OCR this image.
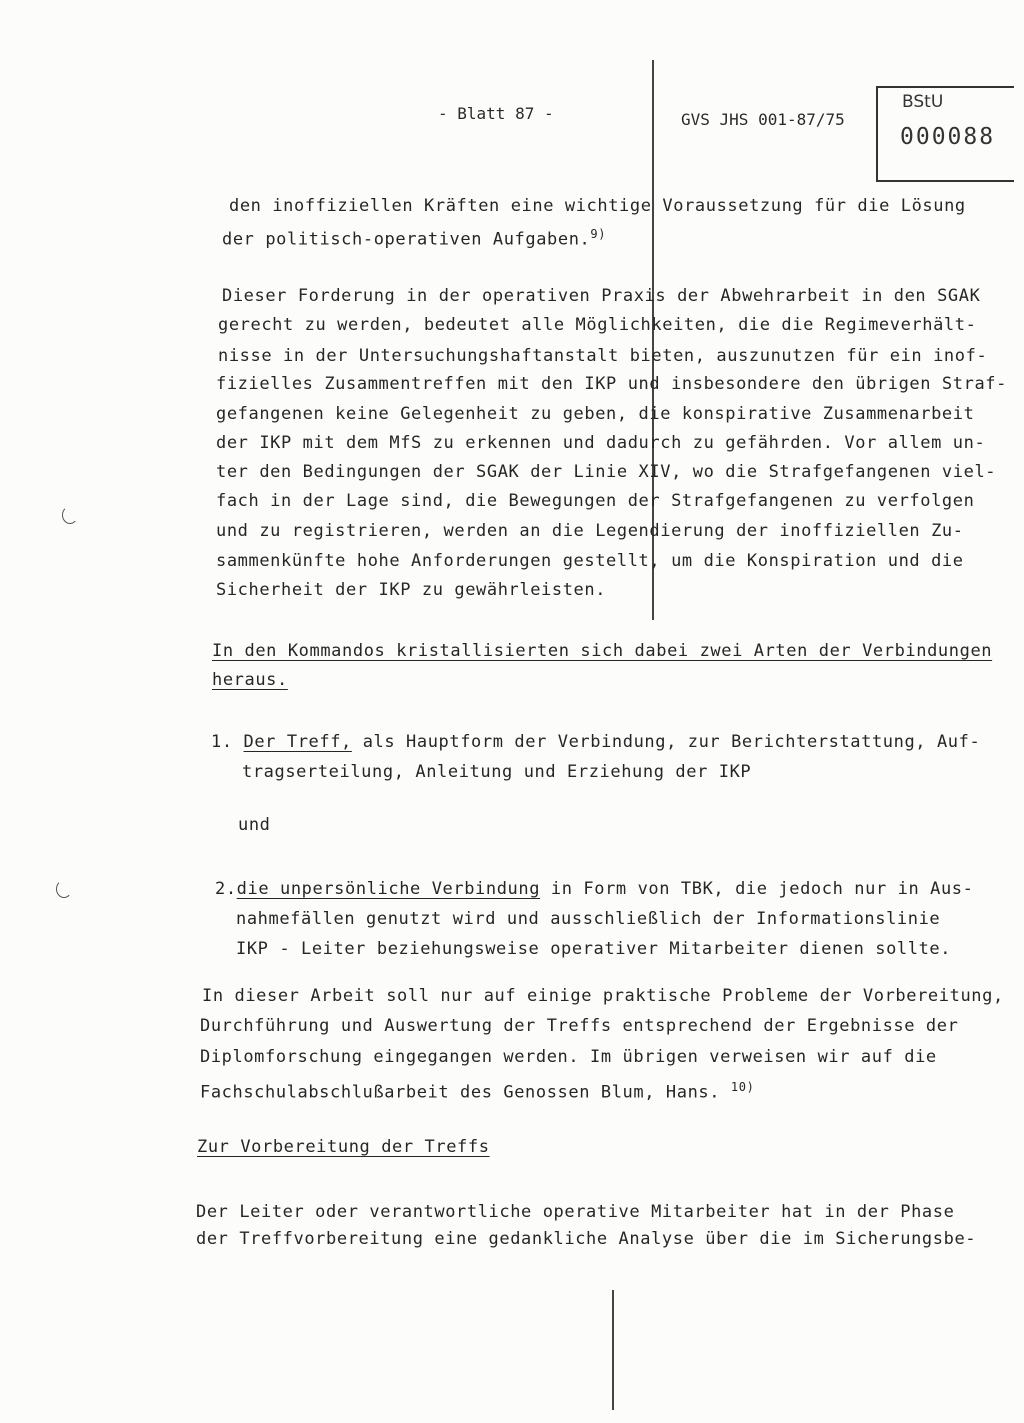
- Blatt 87 -	GVS JHS 001-87/75
BStU
000088
den inoffiziellen Kräften eine wichtige Voraussetzung für die Lösung
der politisch-operativen Aufgaben.$^{9)}$
Dieser Forderung in der operativen Praxis der Abwehrarbeit in den SGAK
gerecht zu werden, bedeutet alle Möglichkeiten, die die Regimeverhält-
nisse in der Untersuchungshaftanstalt bieten, auszunutzen für ein inof-
fizielles Zusammentreffen mit den IKP und insbesondere den übrigen Straf-
gefangenen keine Gelegenheit zu geben, die konspirative Zusammenarbeit
der IKP mit dem MfS zu erkennen und dadurch zu gefährden. Vor allem un-
ter den Bedingungen der SGAK der Linie XIV, wo die Strafgefangenen viel-
fach in der Lage sind, die Bewegungen der Strafgefangenen zu verfolgen
und zu registrieren, werden an die Legendierung der inoffiziellen Zu-
sammenkünfte hohe Anforderungen gestellt, um die Konspiration und die
Sicherheit der IKP zu gewährleisten.
In den Kommandos kristallisierten sich dabei zwei Arten der Verbindungen
heraus.
1. Der Treff, als Hauptform der Verbindung, zur Berichterstattung, Auf-
tragserteilung, Anleitung und Erziehung der IKP
und
2.die unpersönliche Verbindung in Form von TBK, die jedoch nur in Aus-
nahmefällen genutzt wird und ausschließlich der Informationslinie
IKP - Leiter beziehungsweise operativer Mitarbeiter dienen sollte.
In dieser Arbeit soll nur auf einige praktische Probleme der Vorbereitung,
Durchführung und Auswertung der Treffs entsprechend der Ergebnisse der
Diplomforschung eingegangen werden. Im übrigen verweisen wir auf die
Fachschulabschlußarbeit des Genossen Blum, Hans. $^{10)}$
Zur Vorbereitung der Treffs
Der Leiter oder verantwortliche operative Mitarbeiter hat in der Phase
der Treffvorbereitung eine gedankliche Analyse über die im Sicherungsbe-
